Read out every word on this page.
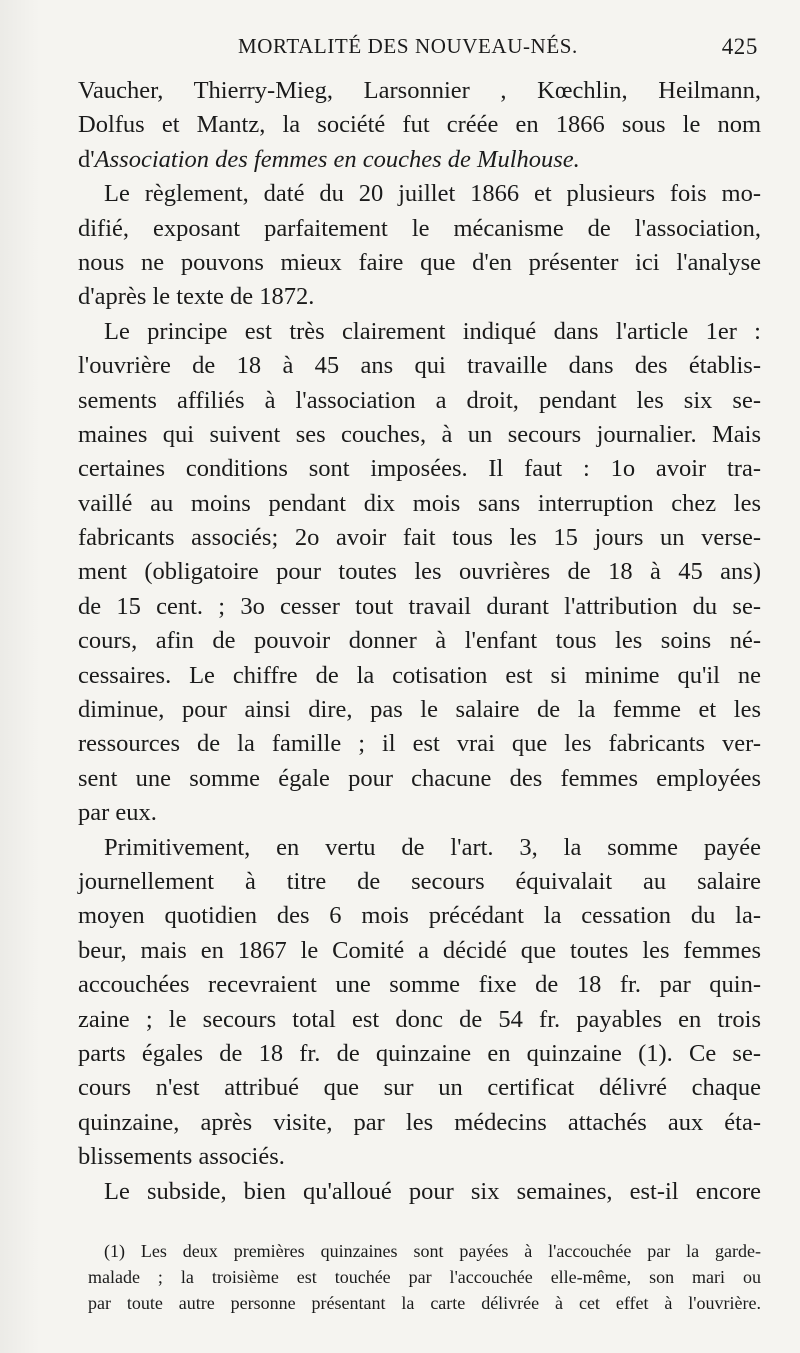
MORTALITÉ DES NOUVEAU-NÉS.	425
Vaucher, Thierry-Mieg, Larsonnier , Kœchlin, Heilmann,
Dolfus et Mantz, la société fut créée en 1866 sous le nom
d'Association des femmes en couches de Mulhouse.
Le règlement, daté du 20 juillet 1866 et plusieurs fois mo-
difié, exposant parfaitement le mécanisme de l'association,
nous ne pouvons mieux faire que d'en présenter ici l'analyse
d'après le texte de 1872.
Le principe est très clairement indiqué dans l'article 1er :
l'ouvrière de 18 à 45 ans qui travaille dans des établis-
sements affiliés à l'association a droit, pendant les six se-
maines qui suivent ses couches, à un secours journalier. Mais
certaines conditions sont imposées. Il faut : 1o avoir tra-
vaillé au moins pendant dix mois sans interruption chez les
fabricants associés; 2o avoir fait tous les 15 jours un verse-
ment (obligatoire pour toutes les ouvrières de 18 à 45 ans)
de 15 cent. ; 3o cesser tout travail durant l'attribution du se-
cours, afin de pouvoir donner à l'enfant tous les soins né-
cessaires. Le chiffre de la cotisation est si minime qu'il ne
diminue, pour ainsi dire, pas le salaire de la femme et les
ressources de la famille ; il est vrai que les fabricants ver-
sent une somme égale pour chacune des femmes employées
par eux.
Primitivement, en vertu de l'art. 3, la somme payée
journellement à titre de secours équivalait au salaire
moyen quotidien des 6 mois précédant la cessation du la-
beur, mais en 1867 le Comité a décidé que toutes les femmes
accouchées recevraient une somme fixe de 18 fr. par quin-
zaine ; le secours total est donc de 54 fr. payables en trois
parts égales de 18 fr. de quinzaine en quinzaine (1). Ce se-
cours n'est attribué que sur un certificat délivré chaque
quinzaine, après visite, par les médecins attachés aux éta-
blissements associés.
Le subside, bien qu'alloué pour six semaines, est-il encore
(1) Les deux premières quinzaines sont payées à l'accouchée par la garde-
malade ; la troisième est touchée par l'accouchée elle-même, son mari ou
par toute autre personne présentant la carte délivrée à cet effet à l'ouvrière.
